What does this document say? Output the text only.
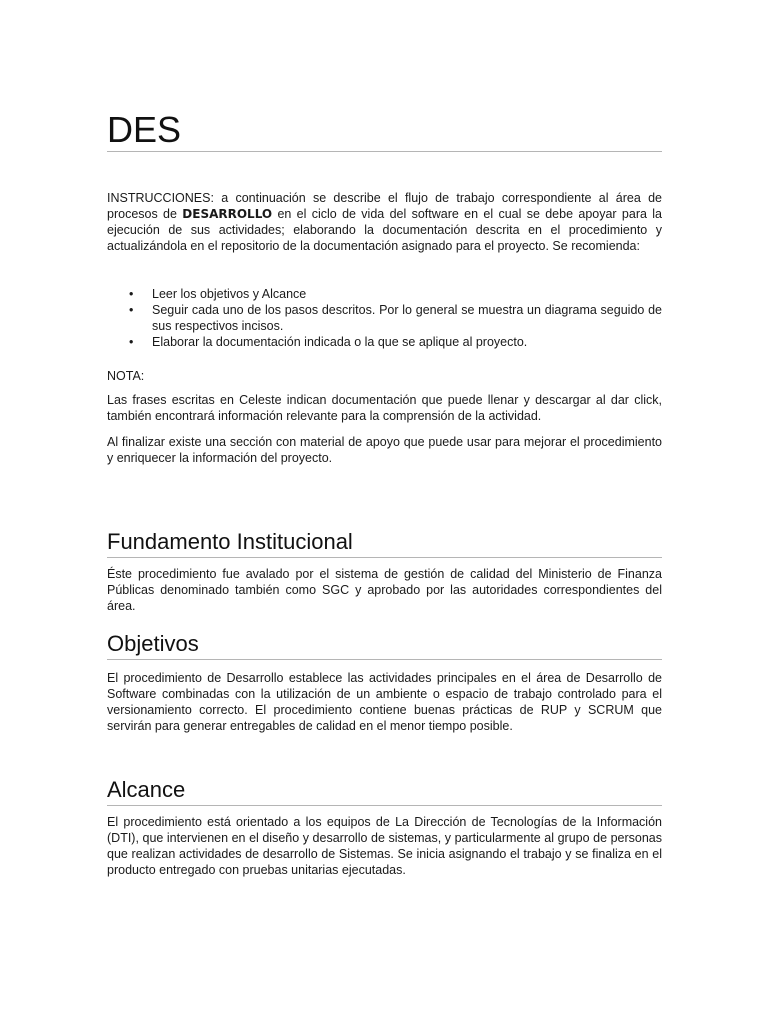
DES

INSTRUCCIONES: a continuación se describe el flujo de trabajo correspondiente al área de procesos de DESARROLLO en el ciclo de vida del software en el cual se debe apoyar para la ejecución de sus actividades; elaborando la documentación descrita en el procedimiento y actualizándola en el repositorio de la documentación asignado para el proyecto. Se recomienda:

• Leer los objetivos y Alcance
• Seguir cada uno de los pasos descritos. Por lo general se muestra un diagrama seguido de sus respectivos incisos.
• Elaborar la documentación indicada o la que se aplique al proyecto.

NOTA:

Las frases escritas en Celeste indican documentación que puede llenar y descargar al dar click, también encontrará información relevante para la comprensión de la actividad.

Al finalizar existe una sección con material de apoyo que puede usar para mejorar el procedimiento y enriquecer la información del proyecto.

Fundamento Institucional

Éste procedimiento fue avalado por el sistema de gestión de calidad del Ministerio de Finanza Públicas denominado también como SGC y aprobado por las autoridades correspondientes del área.

Objetivos

El procedimiento de Desarrollo establece las actividades principales en el área de Desarrollo de Software combinadas con la utilización de un ambiente o espacio de trabajo controlado para el versionamiento correcto. El procedimiento contiene buenas prácticas de RUP y SCRUM que servirán para generar entregables de calidad en el menor tiempo posible.

Alcance

El procedimiento está orientado a los equipos de La Dirección de Tecnologías de la Información (DTI), que intervienen en el diseño y desarrollo de sistemas, y particularmente al grupo de personas que realizan actividades de desarrollo de Sistemas. Se inicia asignando el trabajo y se finaliza en el producto entregado con pruebas unitarias ejecutadas.
